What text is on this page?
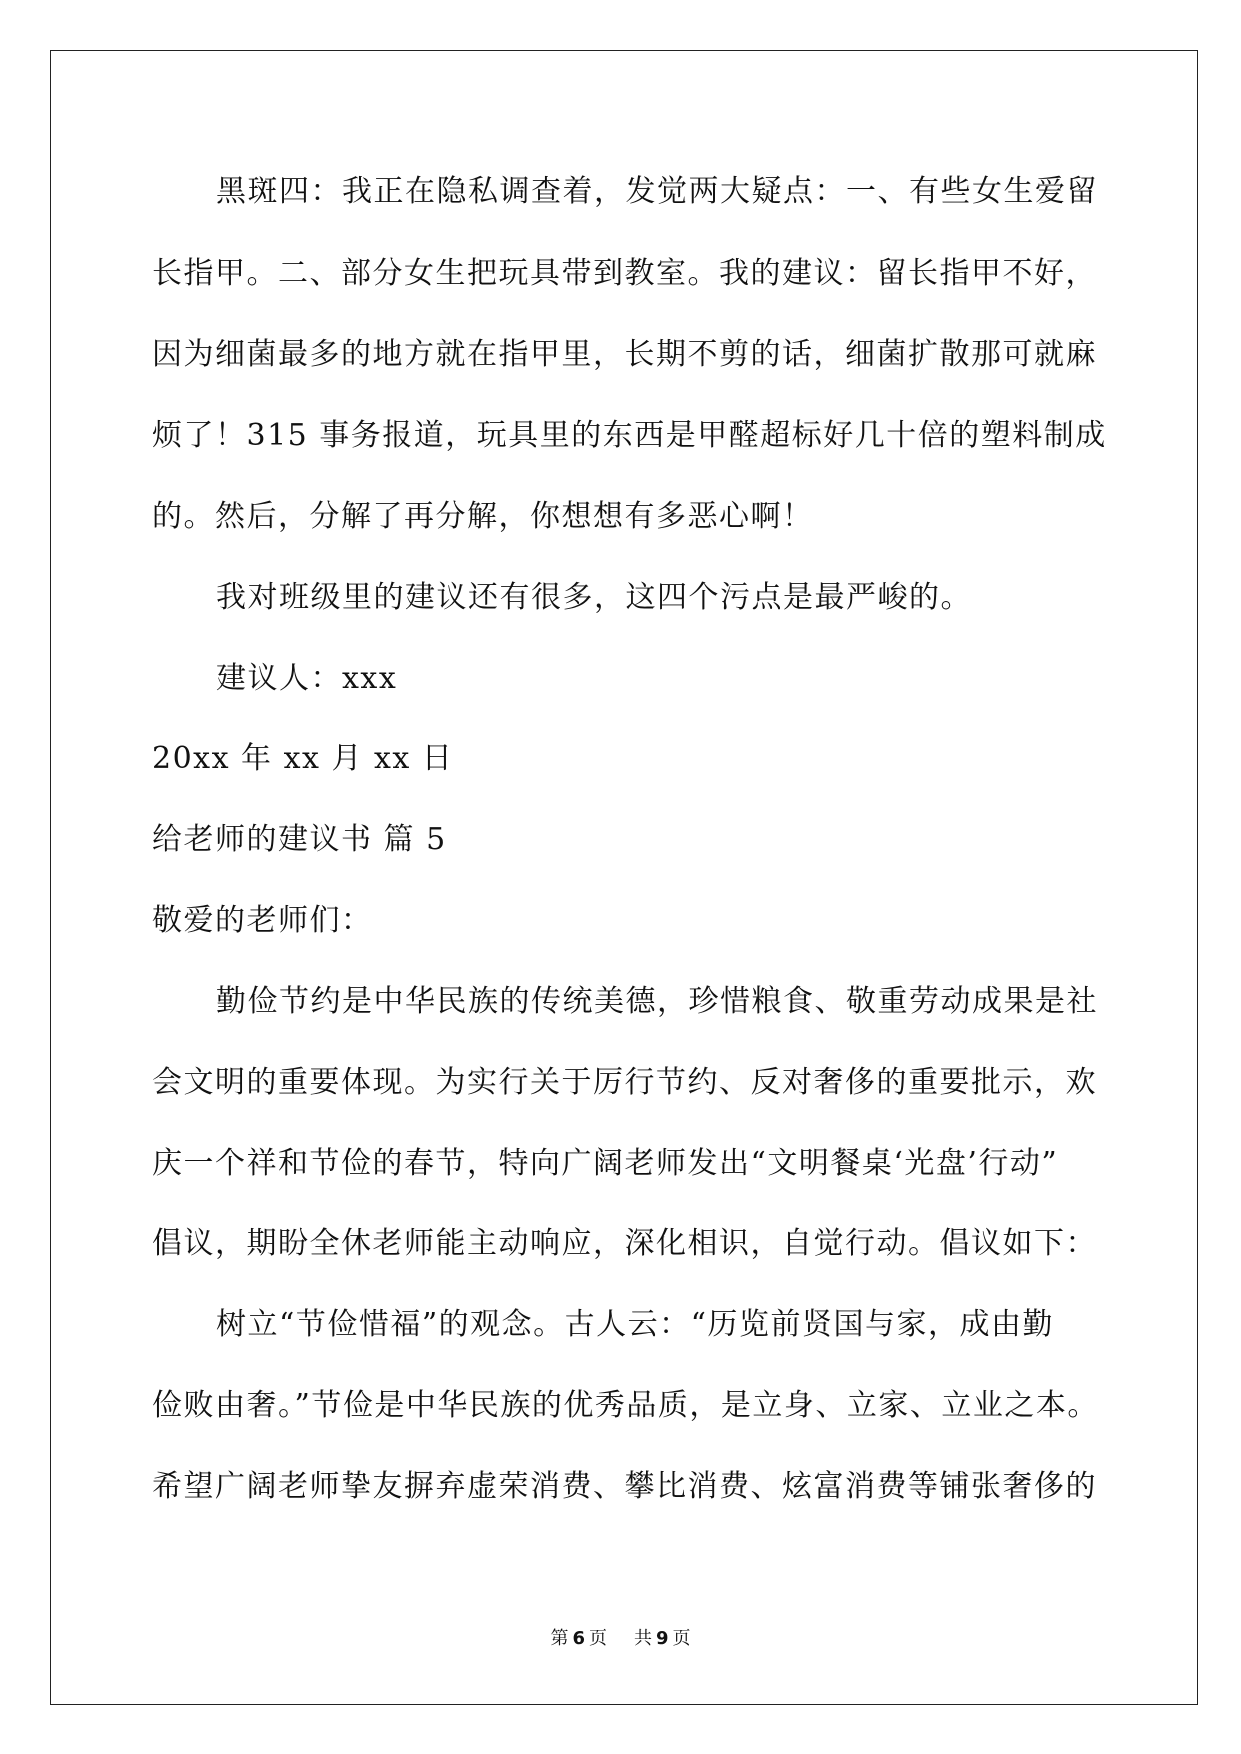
黑斑四：我正在隐私调查着，发觉两大疑点：一、有些女生爱留
长指甲。二、部分女生把玩具带到教室。我的建议：留长指甲不好，
因为细菌最多的地方就在指甲里，长期不剪的话，细菌扩散那可就麻
烦了！315 事务报道，玩具里的东西是甲醛超标好几十倍的塑料制成
的。然后，分解了再分解，你想想有多恶心啊！
我对班级里的建议还有很多，这四个污点是最严峻的。
建议人：xxx
20xx 年 xx 月 xx 日
给老师的建议书 篇 5
敬爱的老师们：
勤俭节约是中华民族的传统美德，珍惜粮食、敬重劳动成果是社
会文明的重要体现。为实行关于厉行节约、反对奢侈的重要批示，欢
庆一个祥和节俭的春节，特向广阔老师发出“文明餐桌‘光盘’行动”
倡议，期盼全休老师能主动响应，深化相识，自觉行动。倡议如下：
树立“节俭惜福”的观念。古人云：“历览前贤国与家，成由勤
俭败由奢。”节俭是中华民族的优秀品质，是立身、立家、立业之本。
希望广阔老师挚友摒弃虚荣消费、攀比消费、炫富消费等铺张奢侈的
第 6 页 共 9 页
